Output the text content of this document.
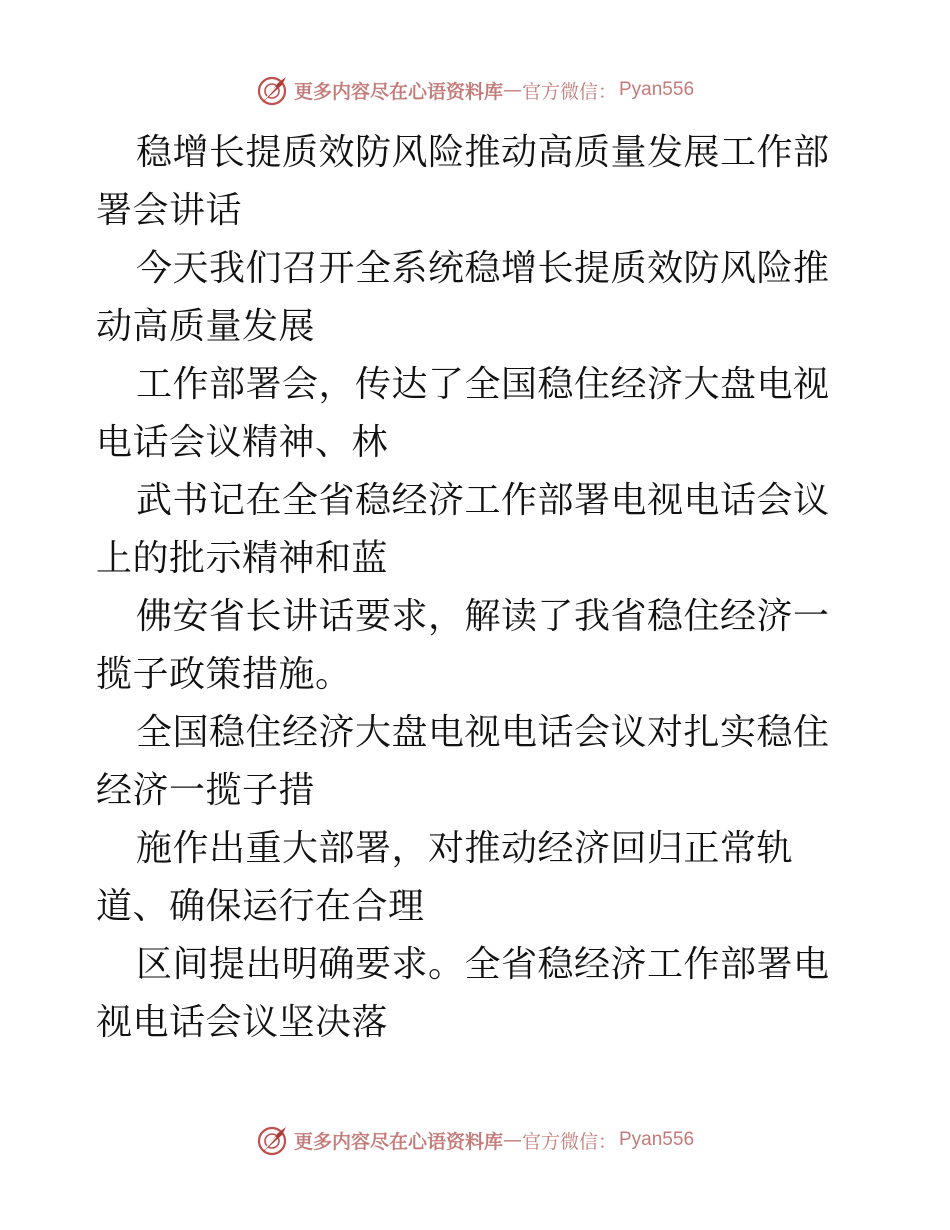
更多内容尽在心语资料库 — 官方微信： Pyan556

稳增长提质效防风险推动高质量发展工作部署会讲话

今天我们召开全系统稳增长提质效防风险推动高质量发展

工作部署会，传达了全国稳住经济大盘电视电话会议精神、林

武书记在全省稳经济工作部署电视电话会议上的批示精神和蓝

佛安省长讲话要求，解读了我省稳住经济一揽子政策措施。

全国稳住经济大盘电视电话会议对扎实稳住经济一揽子措

施作出重大部署，对推动经济回归正常轨道、确保运行在合理

区间提出明确要求。全省稳经济工作部署电视电话会议坚决落

更多内容尽在心语资料库 — 官方微信： Pyan556
